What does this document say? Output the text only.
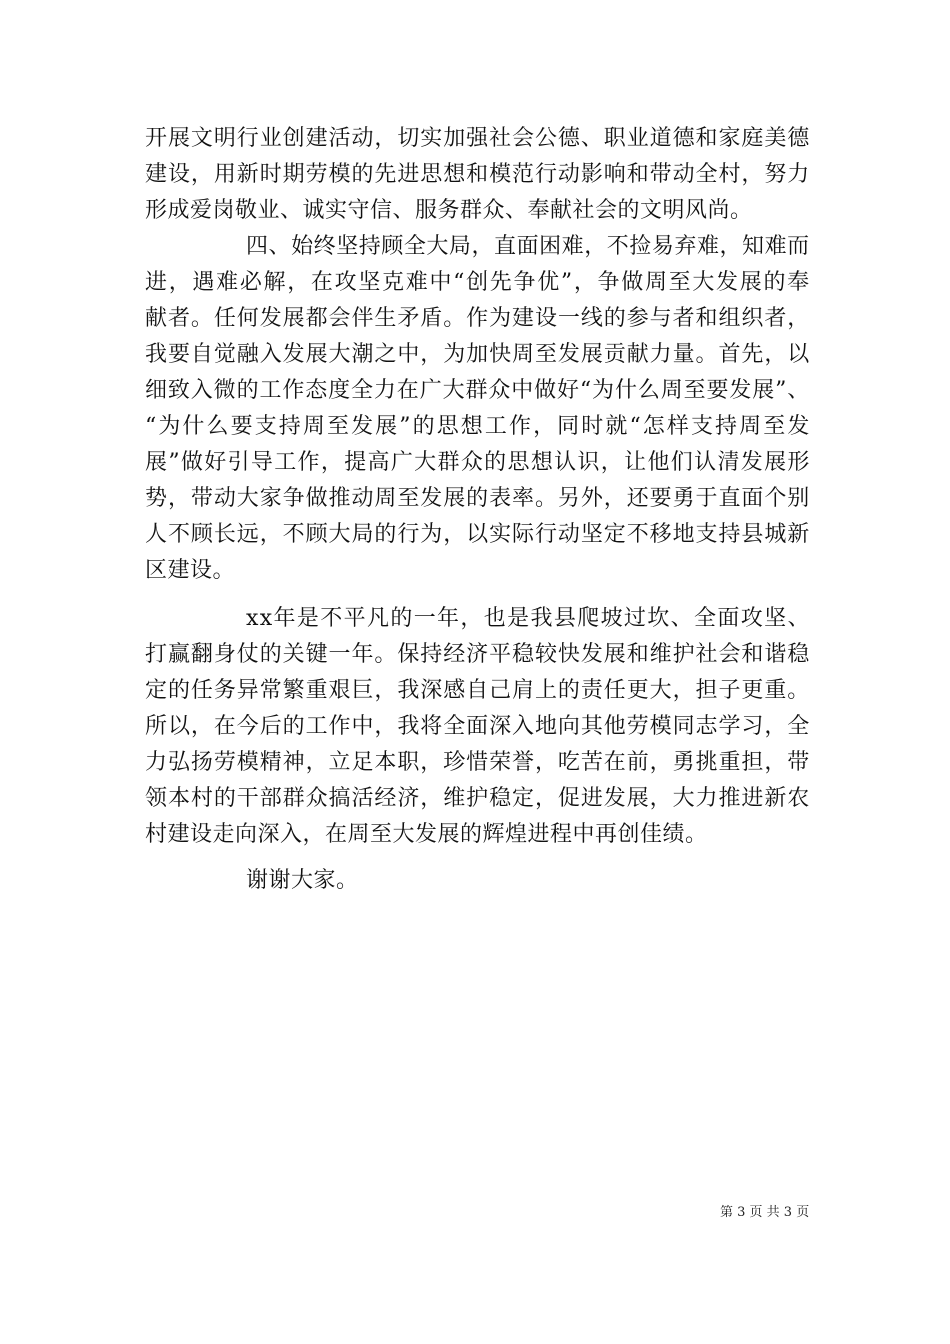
开 展 文 明 行 业 创 建 活 动 ， 切 实 加 强 社 会 公 德 、 职 业 道 德 和 家 庭 美 德
建 设 ， 用 新 时 期 劳 模 的 先 进 思 想 和 模 范 行 动 影 响 和 带 动 全 村 ， 努 力
形成爱岗敬业、诚实守信、服务群众、奉献社会的文明风尚。
四 、 始 终 坚 持 顾 全 大 局 ， 直 面 困 难 ， 不 捡 易 弃 难 ， 知 难 而
进 ， 遇 难 必 解 ， 在 攻 坚 克 难 中 “ 创 先 争 优 ” ， 争 做 周 至 大 发 展 的 奉
献 者 。 任 何 发 展 都 会 伴 生 矛 盾 。 作 为 建 设 一 线 的 参 与 者 和 组 织 者 ，
我 要 自 觉 融 入 发 展 大 潮 之 中 ， 为 加 快 周 至 发 展 贡 献 力 量 。 首 先 ， 以
细 致 入 微 的 工 作 态 度 全 力 在 广 大 群 众 中 做 好 “ 为 什 么 周 至 要 发 展 ” 、
“ 为 什 么 要 支 持 周 至 发 展 ” 的 思 想 工 作 ， 同 时 就 “ 怎 样 支 持 周 至 发
展 ” 做 好 引 导 工 作 ， 提 高 广 大 群 众 的 思 想 认 识 ， 让 他 们 认 清 发 展 形
势 ， 带 动 大 家 争 做 推 动 周 至 发 展 的 表 率 。 另 外 ， 还 要 勇 于 直 面 个 别
人 不 顾 长 远 ， 不 顾 大 局 的 行 为 ， 以 实 际 行 动 坚 定 不 移 地 支 持 县 城 新
区建设。
x x 年 是 不 平 凡 的 一 年 ， 也 是 我 县 爬 坡 过 坎 、 全 面 攻 坚 、
打 赢 翻 身 仗 的 关 键 一 年 。 保 持 经 济 平 稳 较 快 发 展 和 维 护 社 会 和 谐 稳
定 的 任 务 异 常 繁 重 艰 巨 ， 我 深 感 自 己 肩 上 的 责 任 更 大 ， 担 子 更 重 。
所 以 ， 在 今 后 的 工 作 中 ， 我 将 全 面 深 入 地 向 其 他 劳 模 同 志 学 习 ， 全
力 弘 扬 劳 模 精 神 ， 立 足 本 职 ， 珍 惜 荣 誉 ， 吃 苦 在 前 ， 勇 挑 重 担 ， 带
领 本 村 的 干 部 群 众 搞 活 经 济 ， 维 护 稳 定 ， 促 进 发 展 ， 大 力 推 进 新 农
村建设走向深入，在周至大发展的辉煌进程中再创佳绩。
谢谢大家。
第 3 页 共 3 页
